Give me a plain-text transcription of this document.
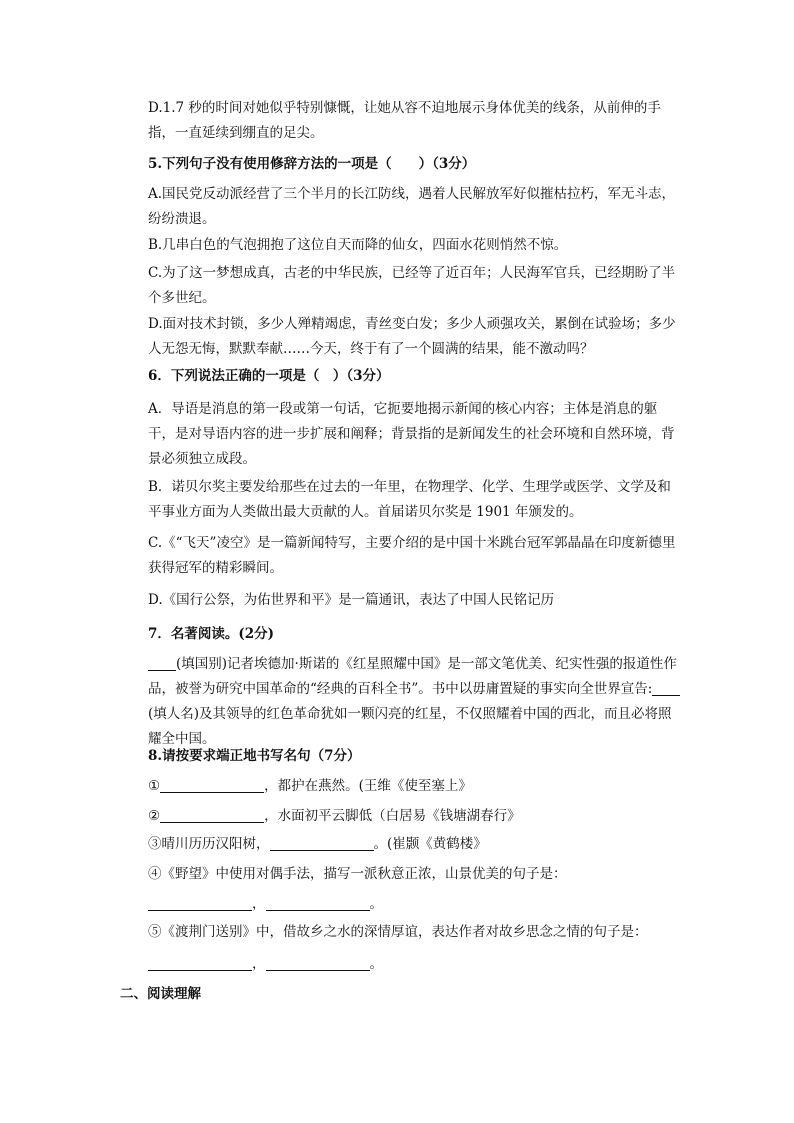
D.1.7 秒的时间对她似乎特别慷慨，让她从容不迫地展示身体优美的线条，从前伸的手指，一直延续到绷直的足尖。

5.下列句子没有使用修辞方法的一项是（　　）（3分）

A.国民党反动派经营了三个半月的长江防线，遇着人民解放军好似摧枯拉朽，军无斗志，纷纷溃退。

B.几串白色的气泡拥抱了这位自天而降的仙女，四面水花则悄然不惊。

C.为了这一梦想成真，古老的中华民族，已经等了近百年；人民海军官兵，已经期盼了半个多世纪。

D.面对技术封锁，多少人殚精竭虑，青丝变白发；多少人顽强攻关，累倒在试验场；多少人无怨无悔，默默奉献……今天，终于有了一个圆满的结果，能不激动吗？

6．下列说法正确的一项是（　）（3分）

A．导语是消息的第一段或第一句话，它扼要地揭示新闻的核心内容；主体是消息的躯干，是对导语内容的进一步扩展和阐释；背景指的是新闻发生的社会环境和自然环境，背景必须独立成段。

B．诺贝尔奖主要发给那些在过去的一年里，在物理学、化学、生理学或医学、文学及和平事业方面为人类做出最大贡献的人。首届诺贝尔奖是 1901 年颁发的。

C.《“飞天”凌空》是一篇新闻特写，主要介绍的是中国十米跳台冠军郭晶晶在印度新德里获得冠军的精彩瞬间。

D.《国行公祭，为佑世界和平》是一篇通讯，表达了中国人民铭记历

7．名著阅读。(2分)

(填国别)记者埃德加·斯诺的《红星照耀中国》是一部文笔优美、纪实性强的报道性作品，被誉为研究中国革命的“经典的百科全书”。书中以毋庸置疑的事实向全世界宣告:(填人名)及其领导的红色革命犹如一颗闪亮的红星，不仅照耀着中国的西北，而且必将照耀全中国。

8.请按要求端正地书写名句（7分）

①	，都护在燕然。(王维《使至塞上》

②	，水面初平云脚低（白居易《钱塘湖春行》

③晴川历历汉阳树，	。(崔颢《黄鹤楼》

④《野望》中使用对偶手法，描写一派秋意正浓，山景优美的句子是：

，	。

⑤《渡荆门送别》中，借故乡之水的深情厚谊，表达作者对故乡思念之情的句子是：

，	。

二、阅读理解
